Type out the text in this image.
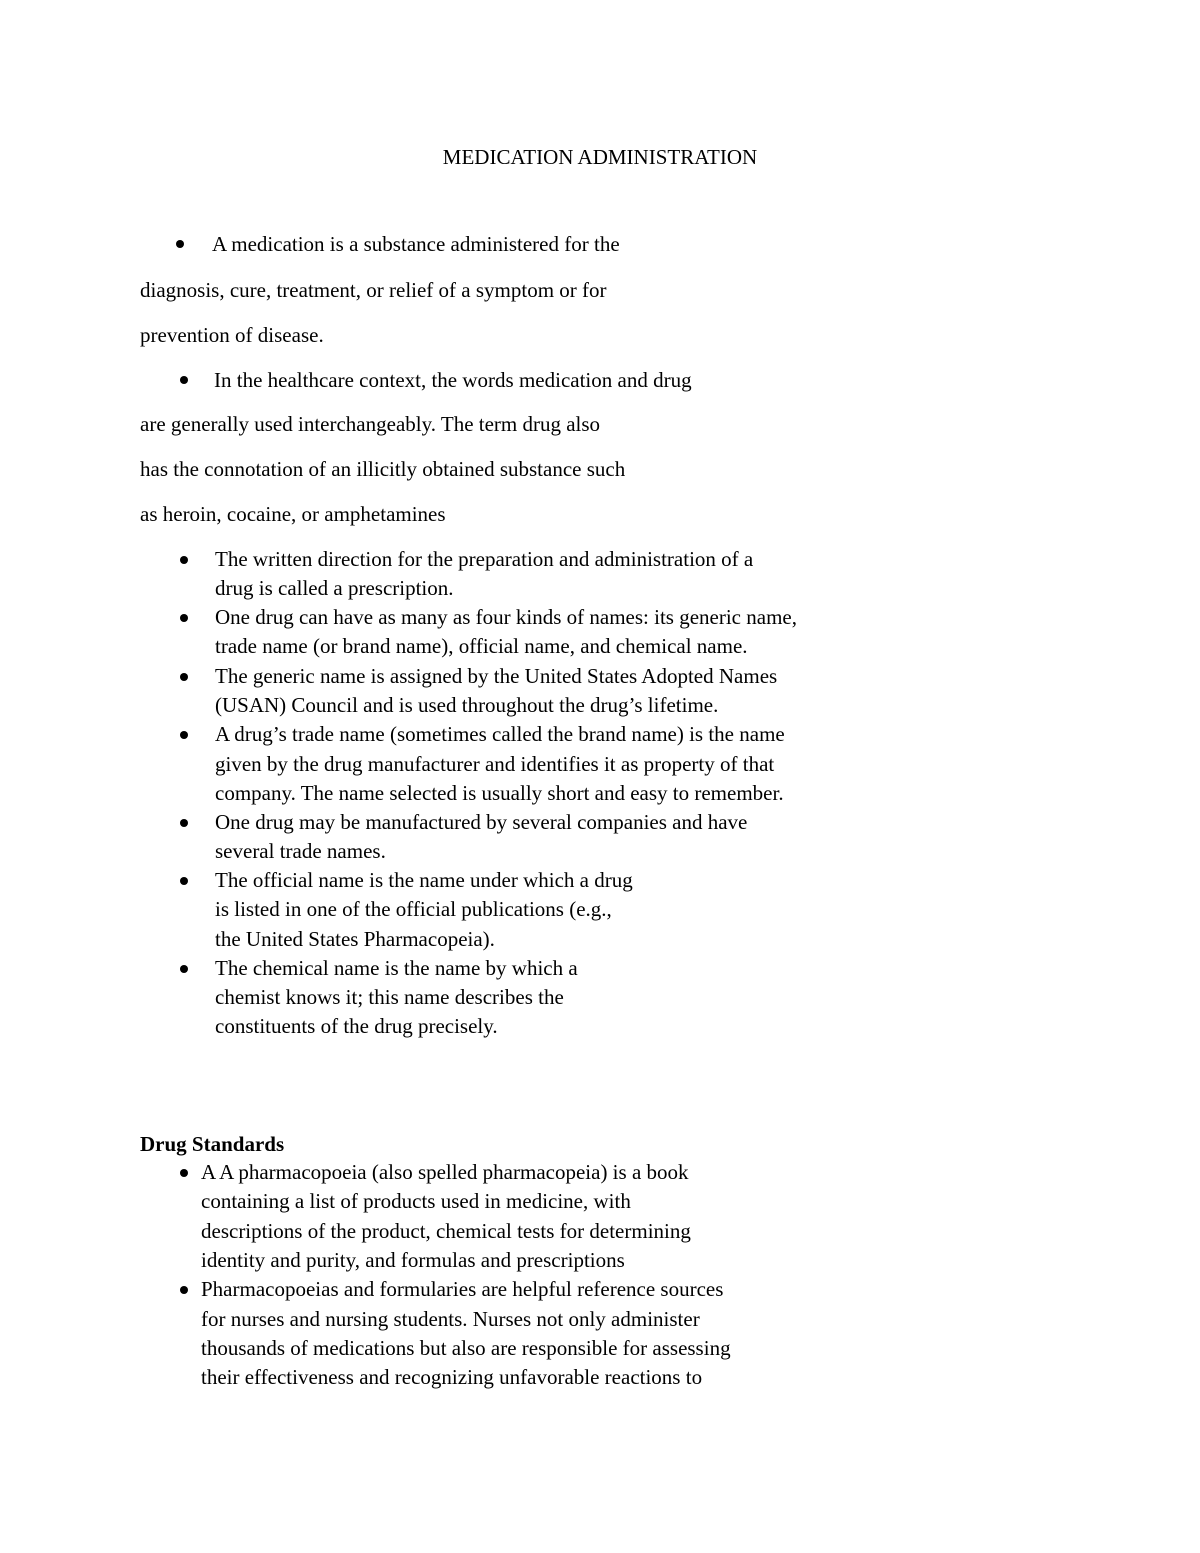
MEDICATION ADMINISTRATION
A medication is a substance administered for the
diagnosis, cure, treatment, or relief of a symptom or for
prevention of disease.
In the healthcare context, the words medication and drug
are generally used interchangeably. The term drug also
has the connotation of an illicitly obtained substance such
as heroin, cocaine, or amphetamines
The written direction for the preparation and administration of a
drug is called a prescription.
One drug can have as many as four kinds of names: its generic name,
trade name (or brand name), official name, and chemical name.
The generic name is assigned by the United States Adopted Names
(USAN) Council and is used throughout the drug’s lifetime.
A drug’s trade name (sometimes called the brand name) is the name
given by the drug manufacturer and identifies it as property of that
company. The name selected is usually short and easy to remember.
One drug may be manufactured by several companies and have
several trade names.
The official name is the name under which a drug
is listed in one of the official publications (e.g.,
the United States Pharmacopeia).
The chemical name is the name by which a
chemist knows it; this name describes the
constituents of the drug precisely.
Drug Standards
A A pharmacopoeia (also spelled pharmacopeia) is a book
containing a list of products used in medicine, with
descriptions of the product, chemical tests for determining
identity and purity, and formulas and prescriptions
Pharmacopoeias and formularies are helpful reference sources
for nurses and nursing students. Nurses not only administer
thousands of medications but also are responsible for assessing
their effectiveness and recognizing unfavorable reactions to
